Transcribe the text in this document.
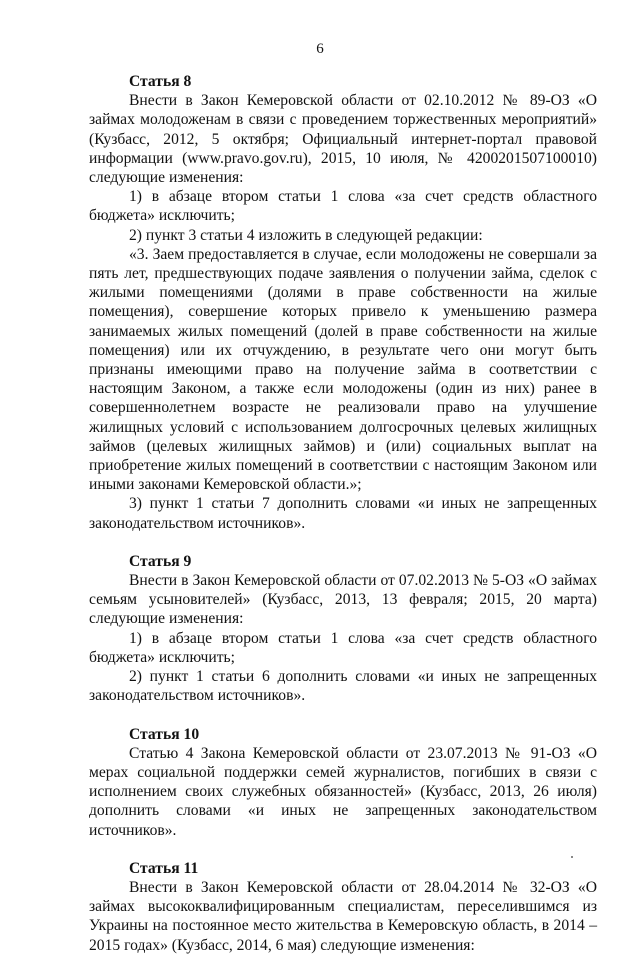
6
Статья 8

Внести в Закон Кемеровской области от 02.10.2012 № 89-ОЗ «О займах молодоженам в связи с проведением торжественных мероприятий» (Кузбасс, 2012, 5 октября; Официальный интернет-портал правовой информации (www.pravo.gov.ru), 2015, 10 июля, № 4200201507100010) следующие изменения:

1) в абзаце втором статьи 1 слова «за счет средств областного бюджета» исключить;

2) пункт 3 статьи 4 изложить в следующей редакции:

«3. Заем предоставляется в случае, если молодожены не совершали за пять лет, предшествующих подаче заявления о получении займа, сделок с жилыми помещениями (долями в праве собственности на жилые помещения), совершение которых привело к уменьшению размера занимаемых жилых помещений (долей в праве собственности на жилые помещения) или их отчуждению, в результате чего они могут быть признаны имеющими право на получение займа в соответствии с настоящим Законом, а также если молодожены (один из них) ранее в совершеннолетнем возрасте не реализовали право на улучшение жилищных условий с использованием долгосрочных целевых жилищных займов (целевых жилищных займов) и (или) социальных выплат на приобретение жилых помещений в соответствии с настоящим Законом или иными законами Кемеровской области.»;

3) пункт 1 статьи 7 дополнить словами «и иных не запрещенных законодательством источников».

Статья 9

Внести в Закон Кемеровской области от 07.02.2013 № 5-ОЗ «О займах семьям усыновителей» (Кузбасс, 2013, 13 февраля; 2015, 20 марта) следующие изменения:

1) в абзаце втором статьи 1 слова «за счет средств областного бюджета» исключить;

2) пункт 1 статьи 6 дополнить словами «и иных не запрещенных законодательством источников».

Статья 10

Статью 4 Закона Кемеровской области от 23.07.2013 № 91-ОЗ «О мерах социальной поддержки семей журналистов, погибших в связи с исполнением своих служебных обязанностей» (Кузбасс, 2013, 26 июля) дополнить словами «и иных не запрещенных законодательством источников».

Статья 11

Внести в Закон Кемеровской области от 28.04.2014 № 32-ОЗ «О займах высококвалифицированным специалистам, переселившимся из Украины на постоянное место жительства в Кемеровскую область, в 2014 – 2015 годах» (Кузбасс, 2014, 6 мая) следующие изменения:
